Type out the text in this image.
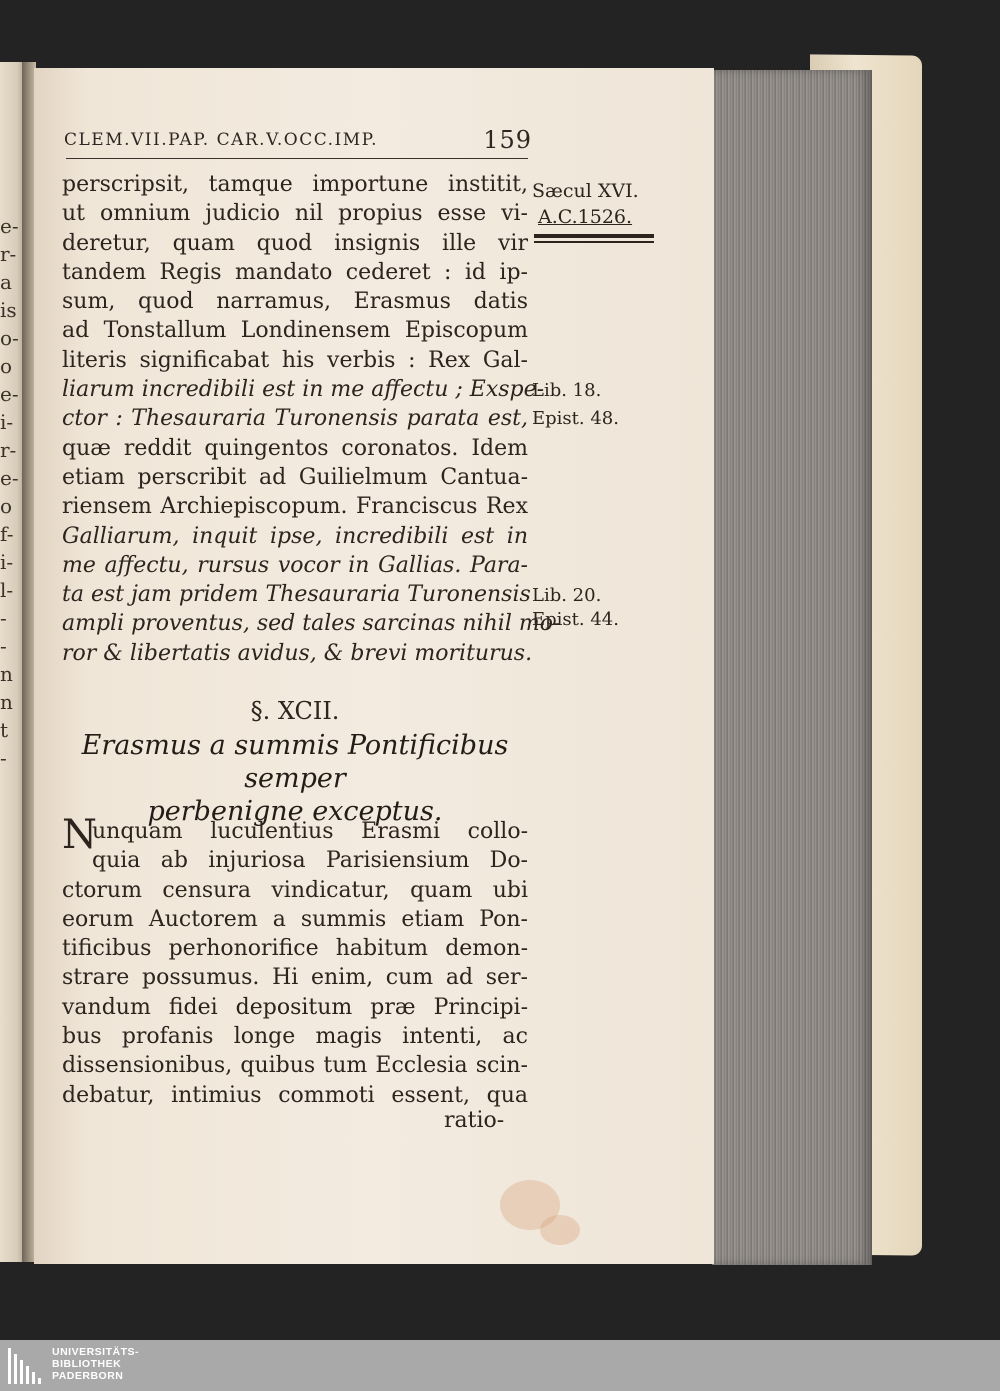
e-
r-
a
is
o-
o
e-
i-
r-
e-
o
f-
i-
l-
-
-
n
n
t
-
CLEM.VII.PAP. CAR.V.OCC.IMP.	159
Sæcul XVI.
A.C.1526.
Lib. 18.
Epist. 48.
Lib. 20.
Epist. 44.
perscripsit, tamque importune institit,
ut omnium judicio nil propius esse vi-
deretur, quam quod insignis ille vir
tandem Regis mandato cederet : id ip-
sum, quod narramus, Erasmus datis
ad Tonstallum Londinensem Episcopum
literis significabat his verbis : Rex Gal-
liarum incredibili est in me affectu ; Exspe-
ctor : Thesauraria Turonensis parata est,
quæ reddit quingentos coronatos. Idem
etiam perscribit ad Guilielmum Cantua-
riensem Archiepiscopum. Franciscus Rex
Galliarum, inquit ipse, incredibili est in
me affectu, rursus vocor in Gallias. Para-
ta est jam pridem Thesauraria Turonensis
ampli proventus, sed tales sarcinas nihil mo-
ror & libertatis avidus, & brevi moriturus.
§. XCII.
Erasmus a summis Pontificibus semper
perbenigne exceptus.
N
unquam luculentius Erasmi collo-
quia ab injuriosa Parisiensium Do-
ctorum censura vindicatur, quam ubi
eorum Auctorem a summis etiam Pon-
tificibus perhonorifice habitum demon-
strare possumus. Hi enim, cum ad ser-
vandum fidei depositum præ Principi-
bus profanis longe magis intenti, ac
dissensionibus, quibus tum Ecclesia scin-
debatur, intimius commoti essent, qua
ratio-
UNIVERSITÄTS-
BIBLIOTHEK
PADERBORN
